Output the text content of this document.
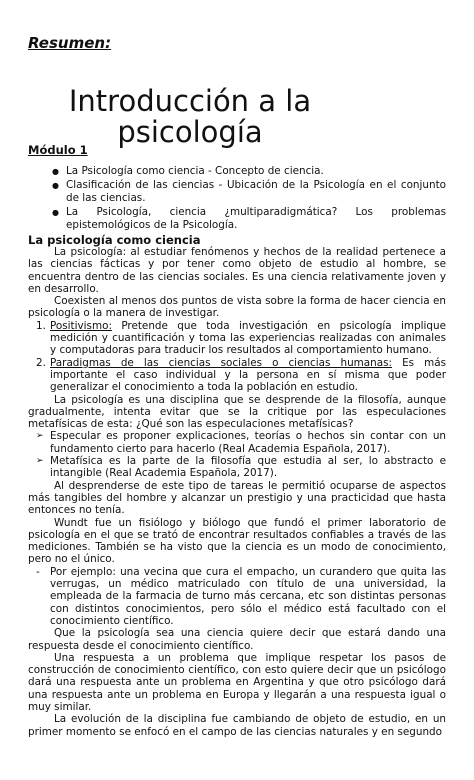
Resumen:
Introducción a la
psicología
Módulo 1
● La Psicología como ciencia - Concepto de ciencia.
● Clasificación de las ciencias - Ubicación de la Psicología en el conjunto de las ciencias.
● La Psicología, ciencia ¿multiparadigmática? Los problemas epistemológicos de la Psicología.
La psicología como ciencia

La psicología: al estudiar fenómenos y hechos de la realidad pertenece a las ciencias fácticas y por tener como objeto de estudio al hombre, se encuentra dentro de las ciencias sociales. Es una ciencia relativamente joven y en desarrollo.

Coexisten al menos dos puntos de vista sobre la forma de hacer ciencia en psicología o la manera de investigar.

1. Positivismo: Pretende que toda investigación en psicología implique medición y cuantificación y toma las experiencias realizadas con animales y computadoras para traducir los resultados al comportamiento humano.
2. Paradigmas de las ciencias sociales o ciencias humanas: Es más importante el caso individual y la persona en sí misma que poder generalizar el conocimiento a toda la población en estudio.

La psicología es una disciplina que se desprende de la filosofía, aunque gradualmente, intenta evitar que se la critique por las especulaciones metafísicas de esta: ¿Qué son las especulaciones metafísicas?

➢ Especular es proponer explicaciones, teorías o hechos sin contar con un fundamento cierto para hacerlo (Real Academia Española, 2017).
➢ Metafísica es la parte de la filosofía que estudia al ser, lo abstracto e intangible (Real Academia Española, 2017).

Al desprenderse de este tipo de tareas le permitió ocuparse de aspectos más tangibles del hombre y alcanzar un prestigio y una practicidad que hasta entonces no tenía.

Wundt fue un fisiólogo y biólogo que fundó el primer laboratorio de psicología en el que se trató de encontrar resultados confiables a través de las mediciones. También se ha visto que la ciencia es un modo de conocimiento, pero no el único.

- Por ejemplo: una vecina que cura el empacho, un curandero que quita las verrugas, un médico matriculado con título de una universidad, la empleada de la farmacia de turno más cercana, etc son distintas personas con distintos conocimientos, pero sólo el médico está facultado con el conocimiento científico.

Que la psicología sea una ciencia quiere decir que estará dando una respuesta desde el conocimiento científico.

Una respuesta a un problema que implique respetar los pasos de construcción de conocimiento científico, con esto quiere decir que un psicólogo dará una respuesta ante un problema en Argentina y que otro psicólogo dará una respuesta ante un problema en Europa y llegarán a una respuesta igual o muy similar.

La evolución de la disciplina fue cambiando de objeto de estudio, en un primer momento se enfocó en el campo de las ciencias naturales y en segundo
